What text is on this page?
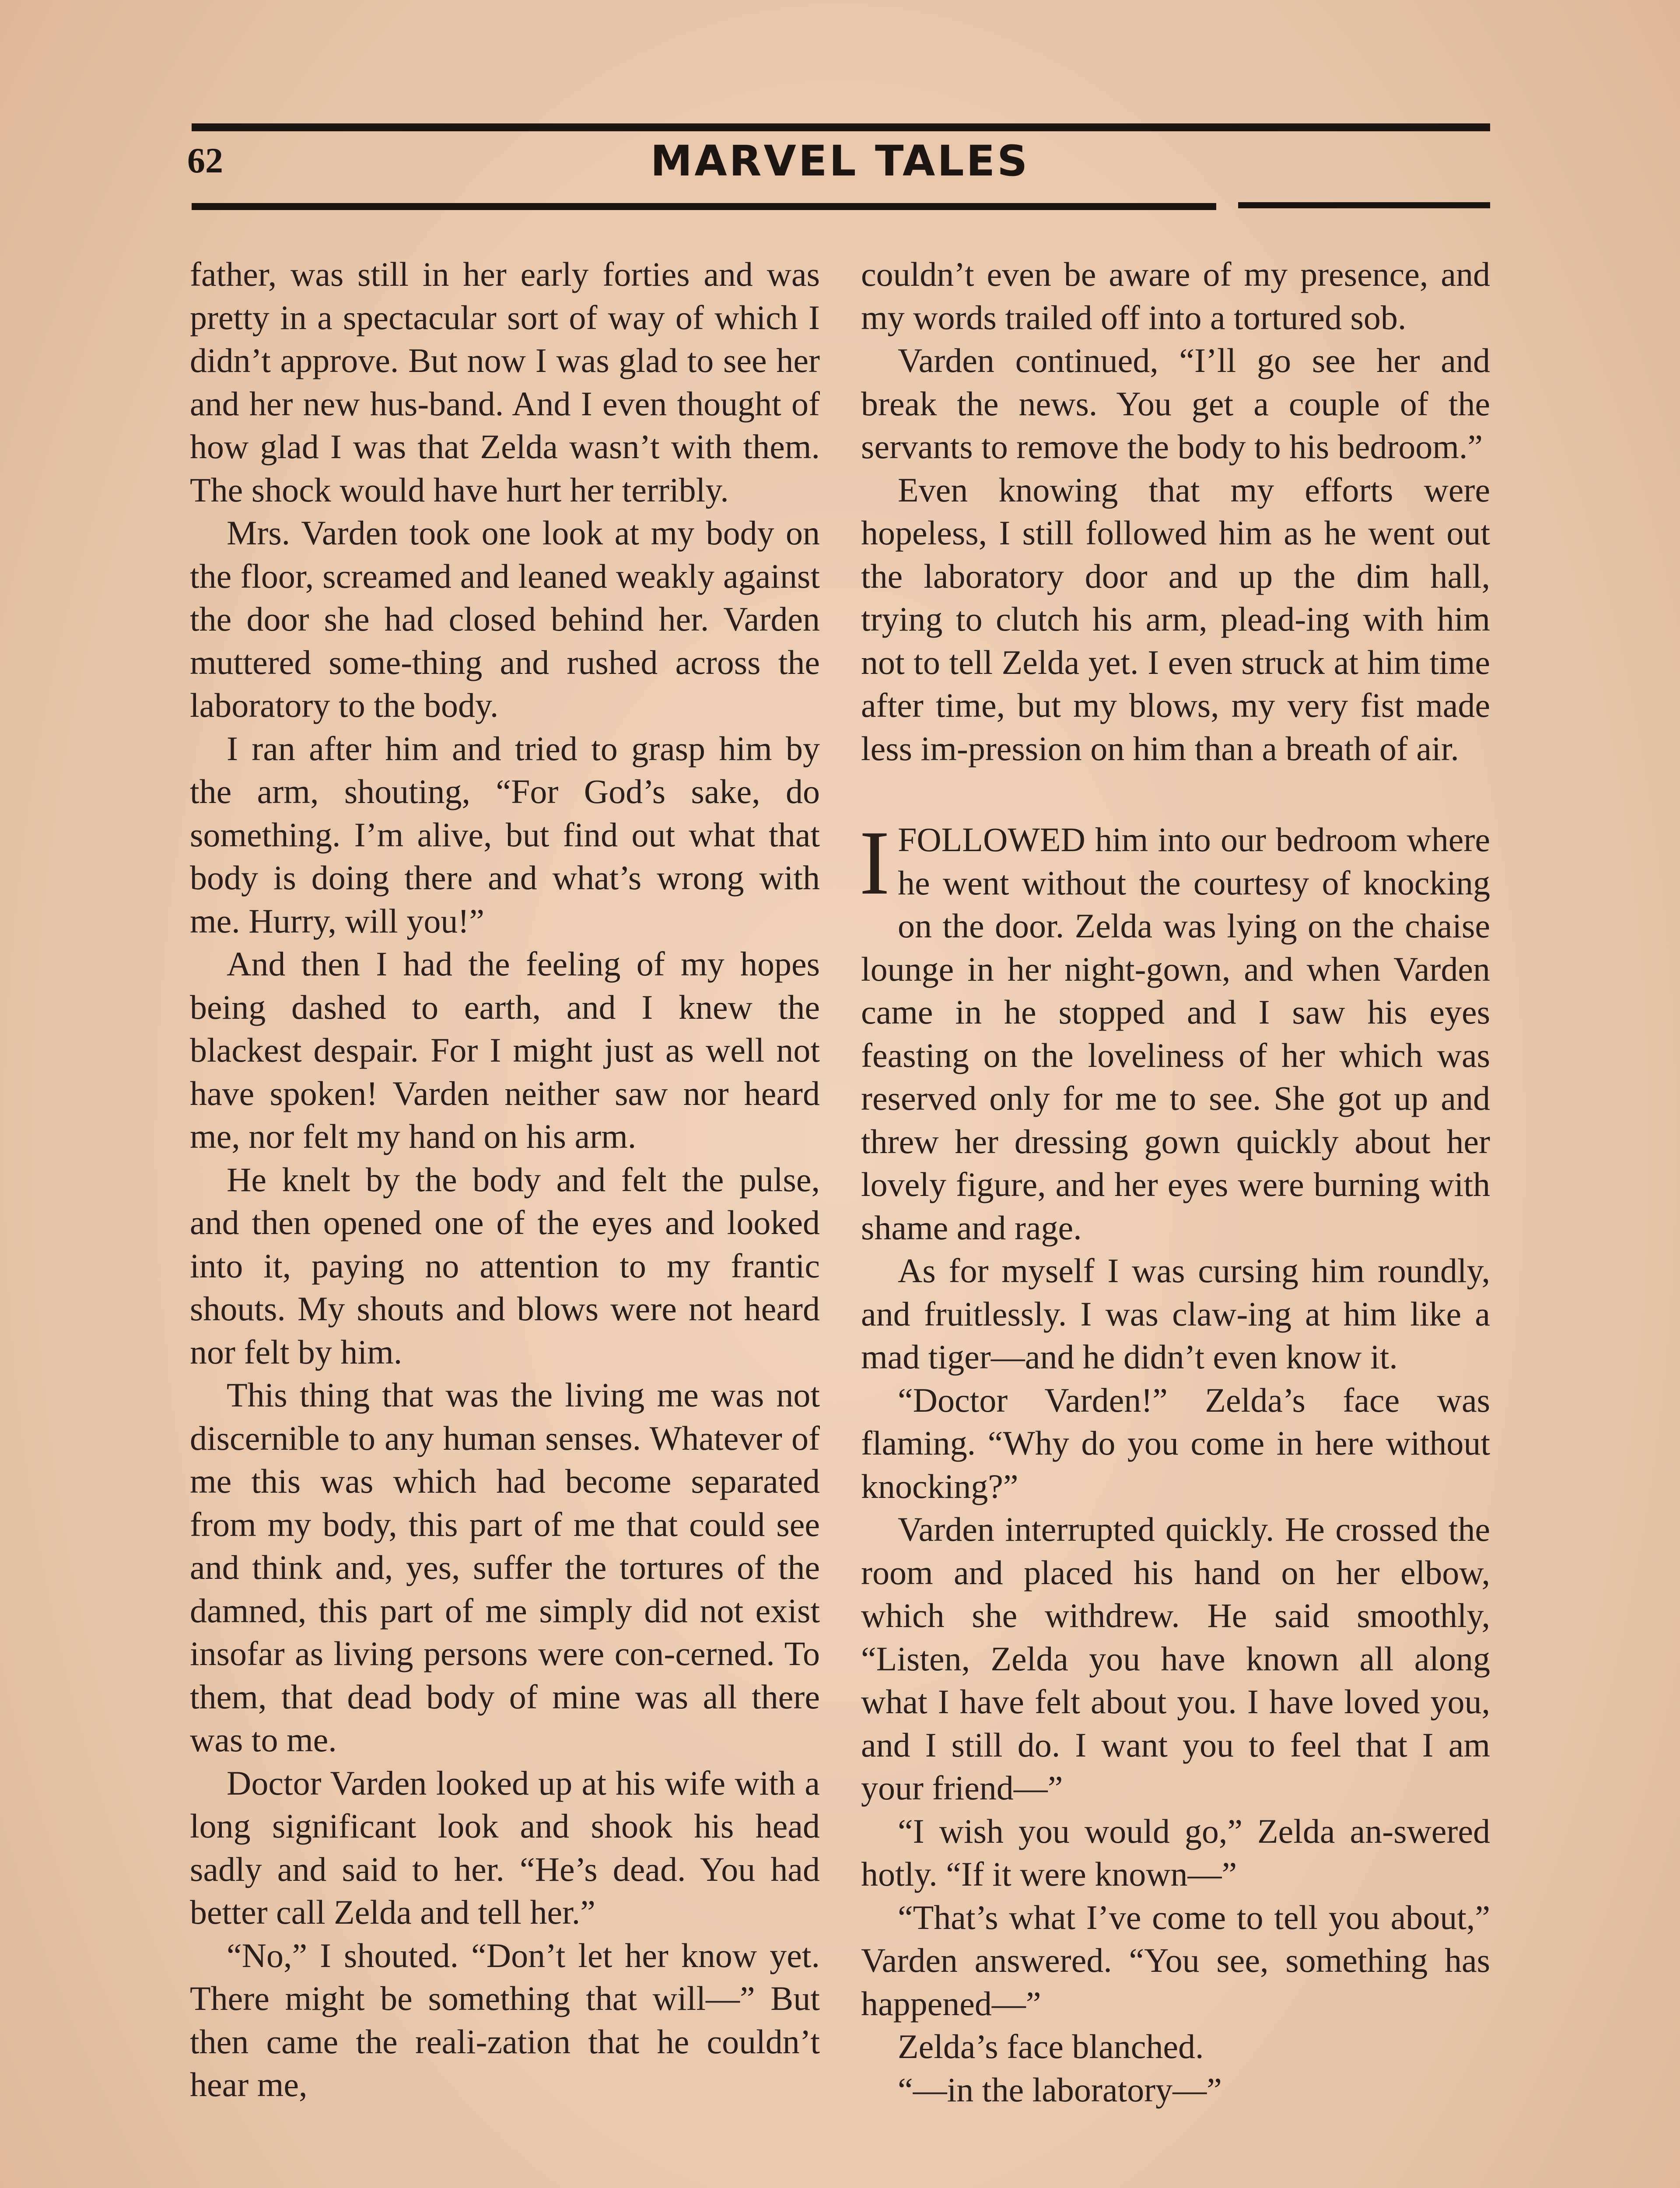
62	MARVEL TALES

father, was still in her early forties and was pretty in a spectacular sort of way of which I didn’t approve. But now I was glad to see her and her new hus-band. And I even thought of how glad I was that Zelda wasn’t with them. The shock would have hurt her terribly.

Mrs. Varden took one look at my body on the floor, screamed and leaned weakly against the door she had closed behind her. Varden muttered some-thing and rushed across the laboratory to the body.

I ran after him and tried to grasp him by the arm, shouting, “For God’s sake, do something. I’m alive, but find out what that body is doing there and what’s wrong with me. Hurry, will you!”

And then I had the feeling of my hopes being dashed to earth, and I knew the blackest despair. For I might just as well not have spoken! Varden neither saw nor heard me, nor felt my hand on his arm.

He knelt by the body and felt the pulse, and then opened one of the eyes and looked into it, paying no attention to my frantic shouts. My shouts and blows were not heard nor felt by him.

This thing that was the living me was not discernible to any human senses. Whatever of me this was which had become separated from my body, this part of me that could see and think and, yes, suffer the tortures of the damned, this part of me simply did not exist insofar as living persons were con-cerned. To them, that dead body of mine was all there was to me.

Doctor Varden looked up at his wife with a long significant look and shook his head sadly and said to her. “He’s dead. You had better call Zelda and tell her.”

“No,” I shouted. “Don’t let her know yet. There might be something that will—” But then came the reali-zation that he couldn’t hear me,

couldn’t even be aware of my presence, and my words trailed off into a tortured sob.

Varden continued, “I’ll go see her and break the news. You get a couple of the servants to remove the body to his bedroom.”

Even knowing that my efforts were hopeless, I still followed him as he went out the laboratory door and up the dim hall, trying to clutch his arm, plead-ing with him not to tell Zelda yet. I even struck at him time after time, but my blows, my very fist made less im-pression on him than a breath of air.

IFOLLOWED him into our bedroom where he went without the courtesy of knocking on the door. Zelda was lying on the chaise lounge in her night-gown, and when Varden came in he stopped and I saw his eyes feasting on the loveliness of her which was reserved only for me to see. She got up and threw her dressing gown quickly about her lovely figure, and her eyes were burning with shame and rage.

As for myself I was cursing him roundly, and fruitlessly. I was claw-ing at him like a mad tiger—and he didn’t even know it.

“Doctor Varden!” Zelda’s face was flaming. “Why do you come in here without knocking?”

Varden interrupted quickly. He crossed the room and placed his hand on her elbow, which she withdrew. He said smoothly, “Listen, Zelda you have known all along what I have felt about you. I have loved you, and I still do. I want you to feel that I am your friend—”

“I wish you would go,” Zelda an-swered hotly. “If it were known—”

“That’s what I’ve come to tell you about,” Varden answered. “You see, something has happened—”

Zelda’s face blanched.

“—in the laboratory—”
